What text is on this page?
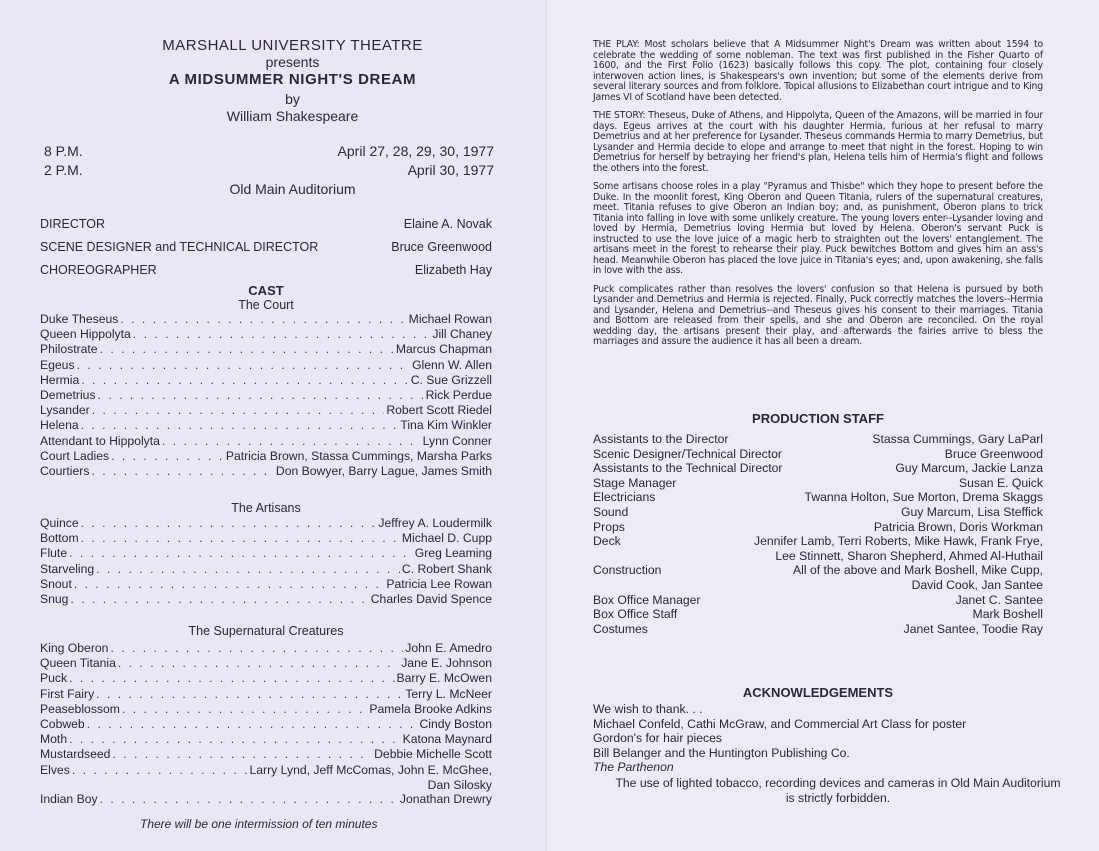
MARSHALL UNIVERSITY THEATRE
presents
A MIDSUMMER NIGHT'S DREAM
by
William Shakespeare
8 P.M.	April 27, 28, 29, 30, 1977
2 P.M.	April 30, 1977
Old Main Auditorium
DIRECTOR	Elaine A. Novak
SCENE DESIGNER and TECHNICAL DIRECTOR	Bruce Greenwood
CHOREOGRAPHER	Elizabeth Hay
CAST
The Court
Duke Theseus . . .	Michael Rowan
Queen Hippolyta . . .	Jill Chaney
Philostrate . . .	Marcus Chapman
Egeus . . .	Glenn W. Allen
Hermia . . .	C. Sue Grizzell
Demetrius . . .	Rick Perdue
Lysander . . .	Robert Scott Riedel
Helena . . .	Tina Kim Winkler
Attendant to Hippolyta . . .	Lynn Conner
Court Ladies . . .	Patricia Brown, Stassa Cummings, Marsha Parks
Courtiers . . .	Don Bowyer, Barry Lague, James Smith
The Artisans
Quince . . .	Jeffrey A. Loudermilk
Bottom . . .	Michael D. Cupp
Flute . . .	Greg Leaming
Starveling . . .	C. Robert Shank
Snout . . .	Patricia Lee Rowan
Snug . . .	Charles David Spence
The Supernatural Creatures
King Oberon . . .	John E. Amedro
Queen Titania . . .	Jane E. Johnson
Puck . . .	Barry E. McOwen
First Fairy . . .	Terry L. McNeer
Peaseblossom . . .	Pamela Brooke Adkins
Cobweb . . .	Cindy Boston
Moth . . .	Katona Maynard
Mustardseed . . .	Debbie Michelle Scott
Elves . . .	Larry Lynd, Jeff McComas, John E. McGhee,
Dan Silosky
Indian Boy . . .	Jonathan Drewry
There will be one intermission of ten minutes

THE PLAY: Most scholars believe that A Midsummer Night's Dream was written about 1594 to celebrate the wedding of some nobleman. The text was first published in the Fisher Quarto of 1600, and the First Folio (1623) basically follows this copy. The plot, containing four closely interwoven action lines, is Shakespears's own invention; but some of the elements derive from several literary sources and from folklore. Topical allusions to Elizabethan court intrigue and to King James VI of Scotland have been detected.

THE STORY: Theseus, Duke of Athens, and Hippolyta, Queen of the Amazons, will be married in four days. Egeus arrives at the court with his daughter Hermia, furious at her refusal to marry Demetrius and at her preference for Lysander. Theseus commands Hermia to marry Demetrius, but Lysander and Hermia decide to elope and arrange to meet that night in the forest. Hoping to win Demetrius for herself by betraying her friend's plan, Helena tells him of Hermia's flight and follows the others into the forest.

Some artisans choose roles in a play "Pyramus and Thisbe" which they hope to present before the Duke. In the moonlit forest, King Oberon and Queen Titania, rulers of the supernatural creatures, meet. Titania refuses to give Oberon an Indian boy; and, as punishment, Oberon plans to trick Titania into falling in love with some unlikely creature. The young lovers enter--Lysander loving and loved by Hermia, Demetrius loving Hermia but loved by Helena. Oberon's servant Puck is instructed to use the love juice of a magic herb to straighten out the lovers' entanglement. The artisans meet in the forest to rehearse their play. Puck bewitches Bottom and gives him an ass's head. Meanwhile Oberon has placed the love juice in Titania's eyes; and, upon awakening, she falls in love with the ass.

Puck complicates rather than resolves the lovers' confusion so that Helena is pursued by both Lysander and Demetrius and Hermia is rejected. Finally, Puck correctly matches the lovers--Hermia and Lysander, Helena and Demetrius--and Theseus gives his consent to their marriages. Titania and Bottom are released from their spells, and she and Oberon are reconciled. On the royal wedding day, the artisans present their play, and afterwards the fairies arrive to bless the marriages and assure the audience it has all been a dream.

PRODUCTION STAFF
Assistants to the Director	Stassa Cummings, Gary LaParl
Scenic Designer/Technical Director	Bruce Greenwood
Assistants to the Technical Director	Guy Marcum, Jackie Lanza
Stage Manager	Susan E. Quick
Electricians	Twanna Holton, Sue Morton, Drema Skaggs
Sound	Guy Marcum, Lisa Steffick
Props	Patricia Brown, Doris Workman
Deck	Jennifer Lamb, Terri Roberts, Mike Hawk, Frank Frye,
Lee Stinnett, Sharon Shepherd, Ahmed Al-Huthail
Construction	All of the above and Mark Boshell, Mike Cupp,
David Cook, Jan Santee
Box Office Manager	Janet C. Santee
Box Office Staff	Mark Boshell
Costumes	Janet Santee, Toodie Ray
ACKNOWLEDGEMENTS
We wish to thank. . .
Michael Confeld, Cathi McGraw, and Commercial Art Class for poster
Gordon's for hair pieces
Bill Belanger and the Huntington Publishing Co.
The Parthenon
The use of lighted tobacco, recording devices and cameras in Old Main Auditorium is strictly forbidden.
